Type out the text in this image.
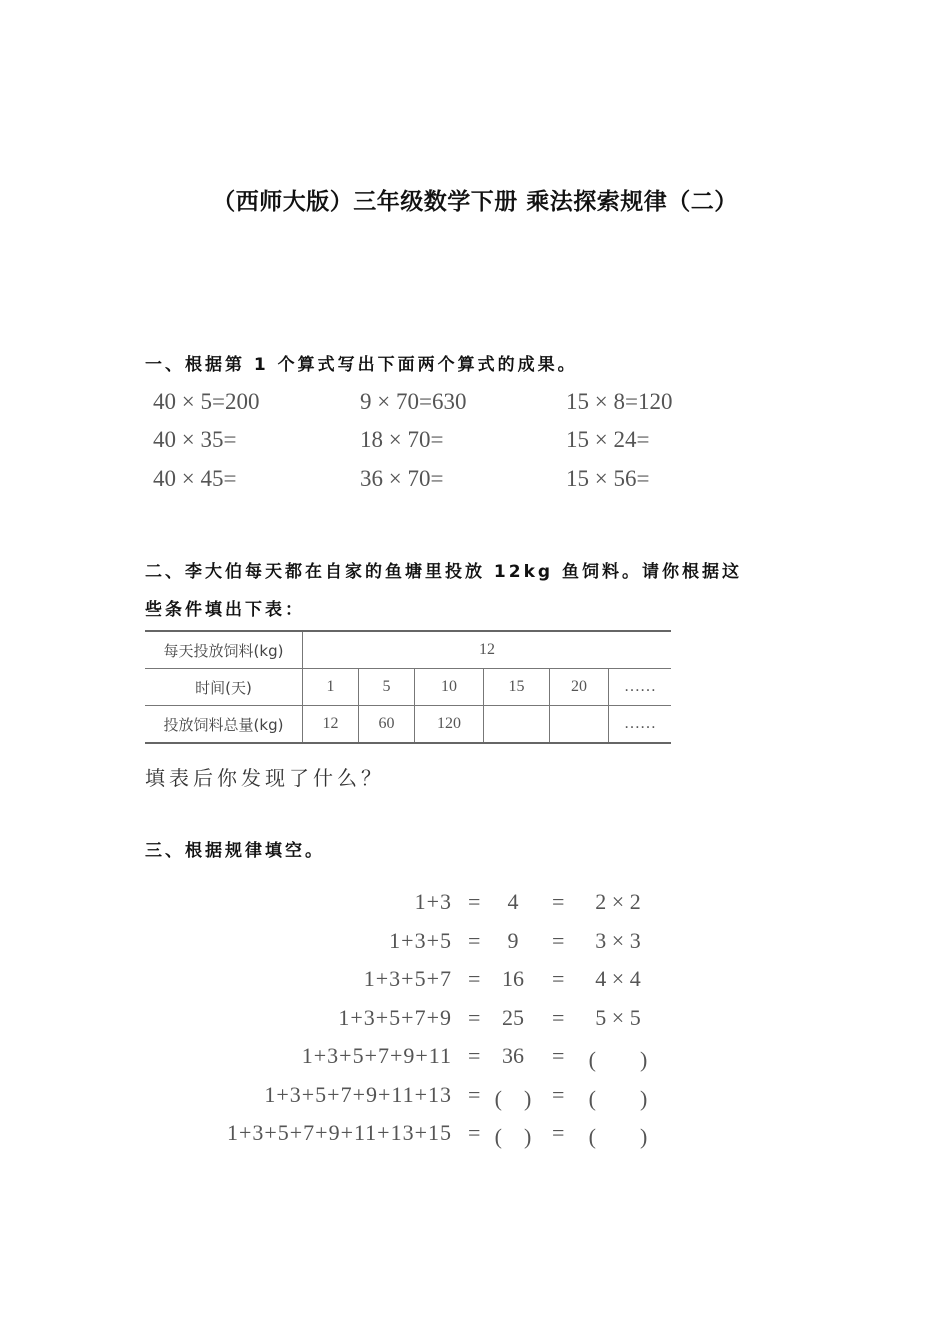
（西师大版）三年级数学下册 乘法探索规律（二）
一、根据第 1 个算式写出下面两个算式的成果。
40 × 5=200	9 × 70=630	15 × 8=120
40 × 35=	18 × 70=	15 × 24=
40 × 45=	36 × 70=	15 × 56=
二、李大伯每天都在自家的鱼塘里投放 12kg 鱼饲料。请你根据这
些条件填出下表：
每天投放饲料(kg)	12					
时间(天)	1	5	10	15	20	……
投放饲料总量(kg)	12	60	120			……
填表后你发现了什么？
三、根据规律填空。
1+3 =	4	=	2 × 2
1+3+5 =	9	=	3 × 3
1+3+5+7 = 16	=	4 × 4
1+3+5+7+9 = 25	=	5 × 5
1+3+5+7+9+11 = 36	= (　　)
1+3+5+7+9+11+13 = (　) = (　　)
1+3+5+7+9+11+13+15 = (　) = (　　)
